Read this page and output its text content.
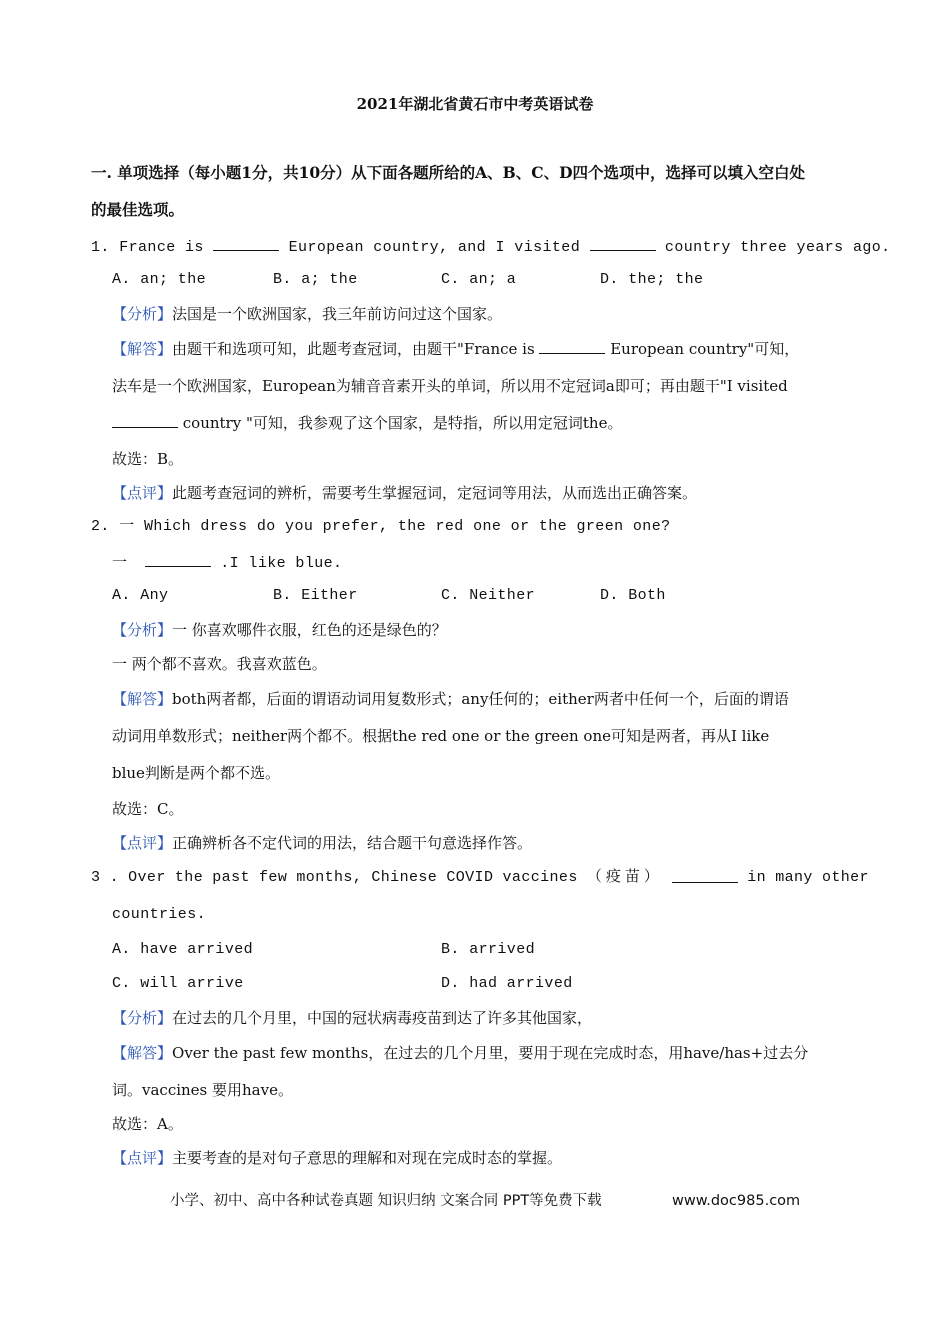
2021年湖北省黄石市中考英语试卷
一. 单项选择（每小题1分，共10分）从下面各题所给的A、B、C、D四个选项中，选择可以填入空白处
的最佳选项。
1. France is	European country, and I visited	country three years ago.
A. an; the	B. a; the	C. an; a	D. the; the
【分析】法国是一个欧洲国家，我三年前访问过这个国家。
【解答】由题干和选项可知，此题考查冠词，由题干"France is	European country"可知，
法车是一个欧洲国家，European为辅音音素开头的单词，所以用不定冠词a即可；再由题干"I visited
country "可知，我参观了这个国家，是特指，所以用定冠词the。
故选：B。
【点评】此题考查冠词的辨析，需要考生掌握冠词，定冠词等用法，从而选出正确答案。
2. 一 Which dress do you prefer, the red one or the green one?
一	.I like blue.
A. Any	B. Either	C. Neither	D. Both
【分析】一 你喜欢哪件衣服，红色的还是绿色的？
一 两个都不喜欢。我喜欢蓝色。
【解答】both两者都，后面的谓语动词用复数形式；any任何的；either两者中任何一个，后面的谓语
动词用单数形式；neither两个都不。根据the red one or the green one可知是两者，再从I like
blue判断是两个都不选。
故选：C。
【点评】正确辨析各不定代词的用法，结合题干句意选择作答。
3 . Over the past few months, Chinese COVID vaccines （疫苗）	in many other
countries.
A. have arrived	B. arrived
C. will arrive	D. had arrived
【分析】在过去的几个月里，中国的冠状病毒疫苗到达了许多其他国家，
【解答】Over the past few months，在过去的几个月里，要用于现在完成时态，用have/has+过去分
词。vaccines 要用have。
故选：A。
【点评】主要考查的是对句子意思的理解和对现在完成时态的掌握。
小学、初中、高中各种试卷真题 知识归纳 文案合同 PPT等免费下载	www.doc985.com
